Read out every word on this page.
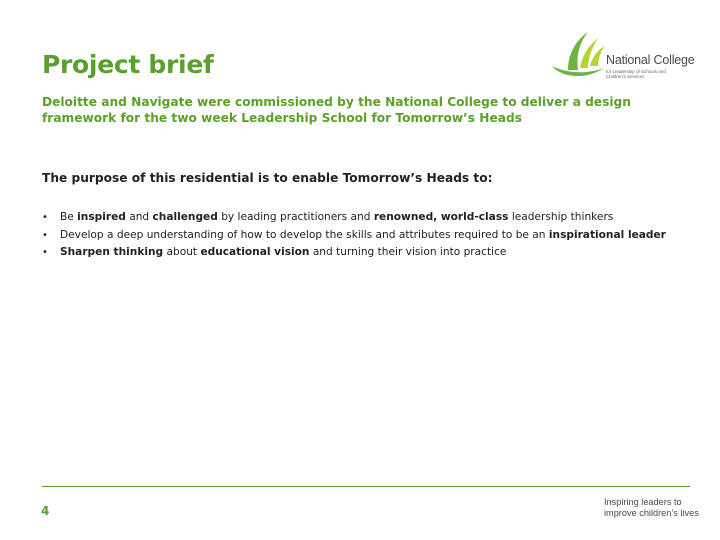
Project brief	National College
for Leadership of Schools and Children's Services

Deloitte and Navigate were commissioned by the National College to deliver a design framework for the two week Leadership School for Tomorrow’s Heads

The purpose of this residential is to enable Tomorrow’s Heads to:

• Be inspired and challenged by leading practitioners and renowned, world-class leadership thinkers
• Develop a deep understanding of how to develop the skills and attributes required to be an inspirational leader
• Sharpen thinking about educational vision and turning their vision into practice
4
Inspiring leaders to improve children’s lives
